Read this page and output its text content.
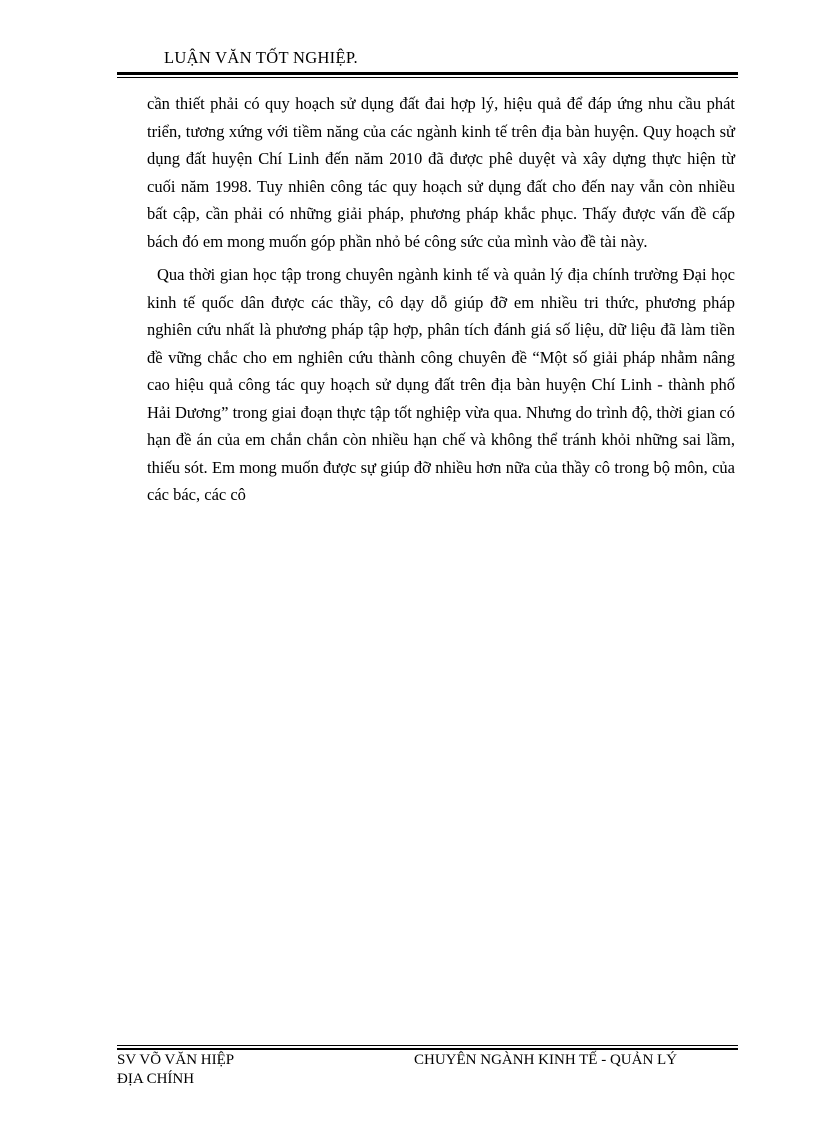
LUẬN VĂN TỐT NGHIỆP.

cần thiết phải có quy hoạch sử dụng đất đai hợp lý, hiệu quả để đáp ứng nhu cầu phát triển, tương xứng với tiềm năng của các ngành kinh tế trên địa bàn huyện. Quy hoạch sử dụng đất huyện Chí Linh đến năm 2010 đã được phê duyệt và xây dựng thực hiện từ cuối năm 1998. Tuy nhiên công tác quy hoạch sử dụng đất cho đến nay vẫn còn nhiều bất cập, cần phải có những giải pháp, phương pháp khắc phục. Thấy được vấn đề cấp bách đó em mong muốn góp phần nhỏ bé công sức của mình vào đề tài này.

Qua thời gian học tập trong chuyên ngành kinh tế và quản lý địa chính trường Đại học kinh tế quốc dân được các thầy, cô dạy dỗ giúp đỡ em nhiều tri thức, phương pháp nghiên cứu nhất là phương pháp tập hợp, phân tích đánh giá số liệu, dữ liệu đã làm tiền đề vững chắc cho em nghiên cứu thành công chuyên đề “Một số giải pháp nhằm nâng cao hiệu quả công tác quy hoạch sử dụng đất trên địa bàn huyện Chí Linh - thành phố Hải Dương” trong giai đoạn thực tập tốt nghiệp vừa qua. Nhưng do trình độ, thời gian có hạn đề án của em chắn chắn còn nhiều hạn chế và không thể tránh khỏi những sai lầm, thiếu sót. Em mong muốn được sự giúp đỡ nhiều hơn nữa của thầy cô trong bộ môn, của các bác, các cô

SV VÕ VĂN HIỆP
ĐỊA CHÍNH
CHUYÊN NGÀNH KINH TẾ - QUẢN LÝ
